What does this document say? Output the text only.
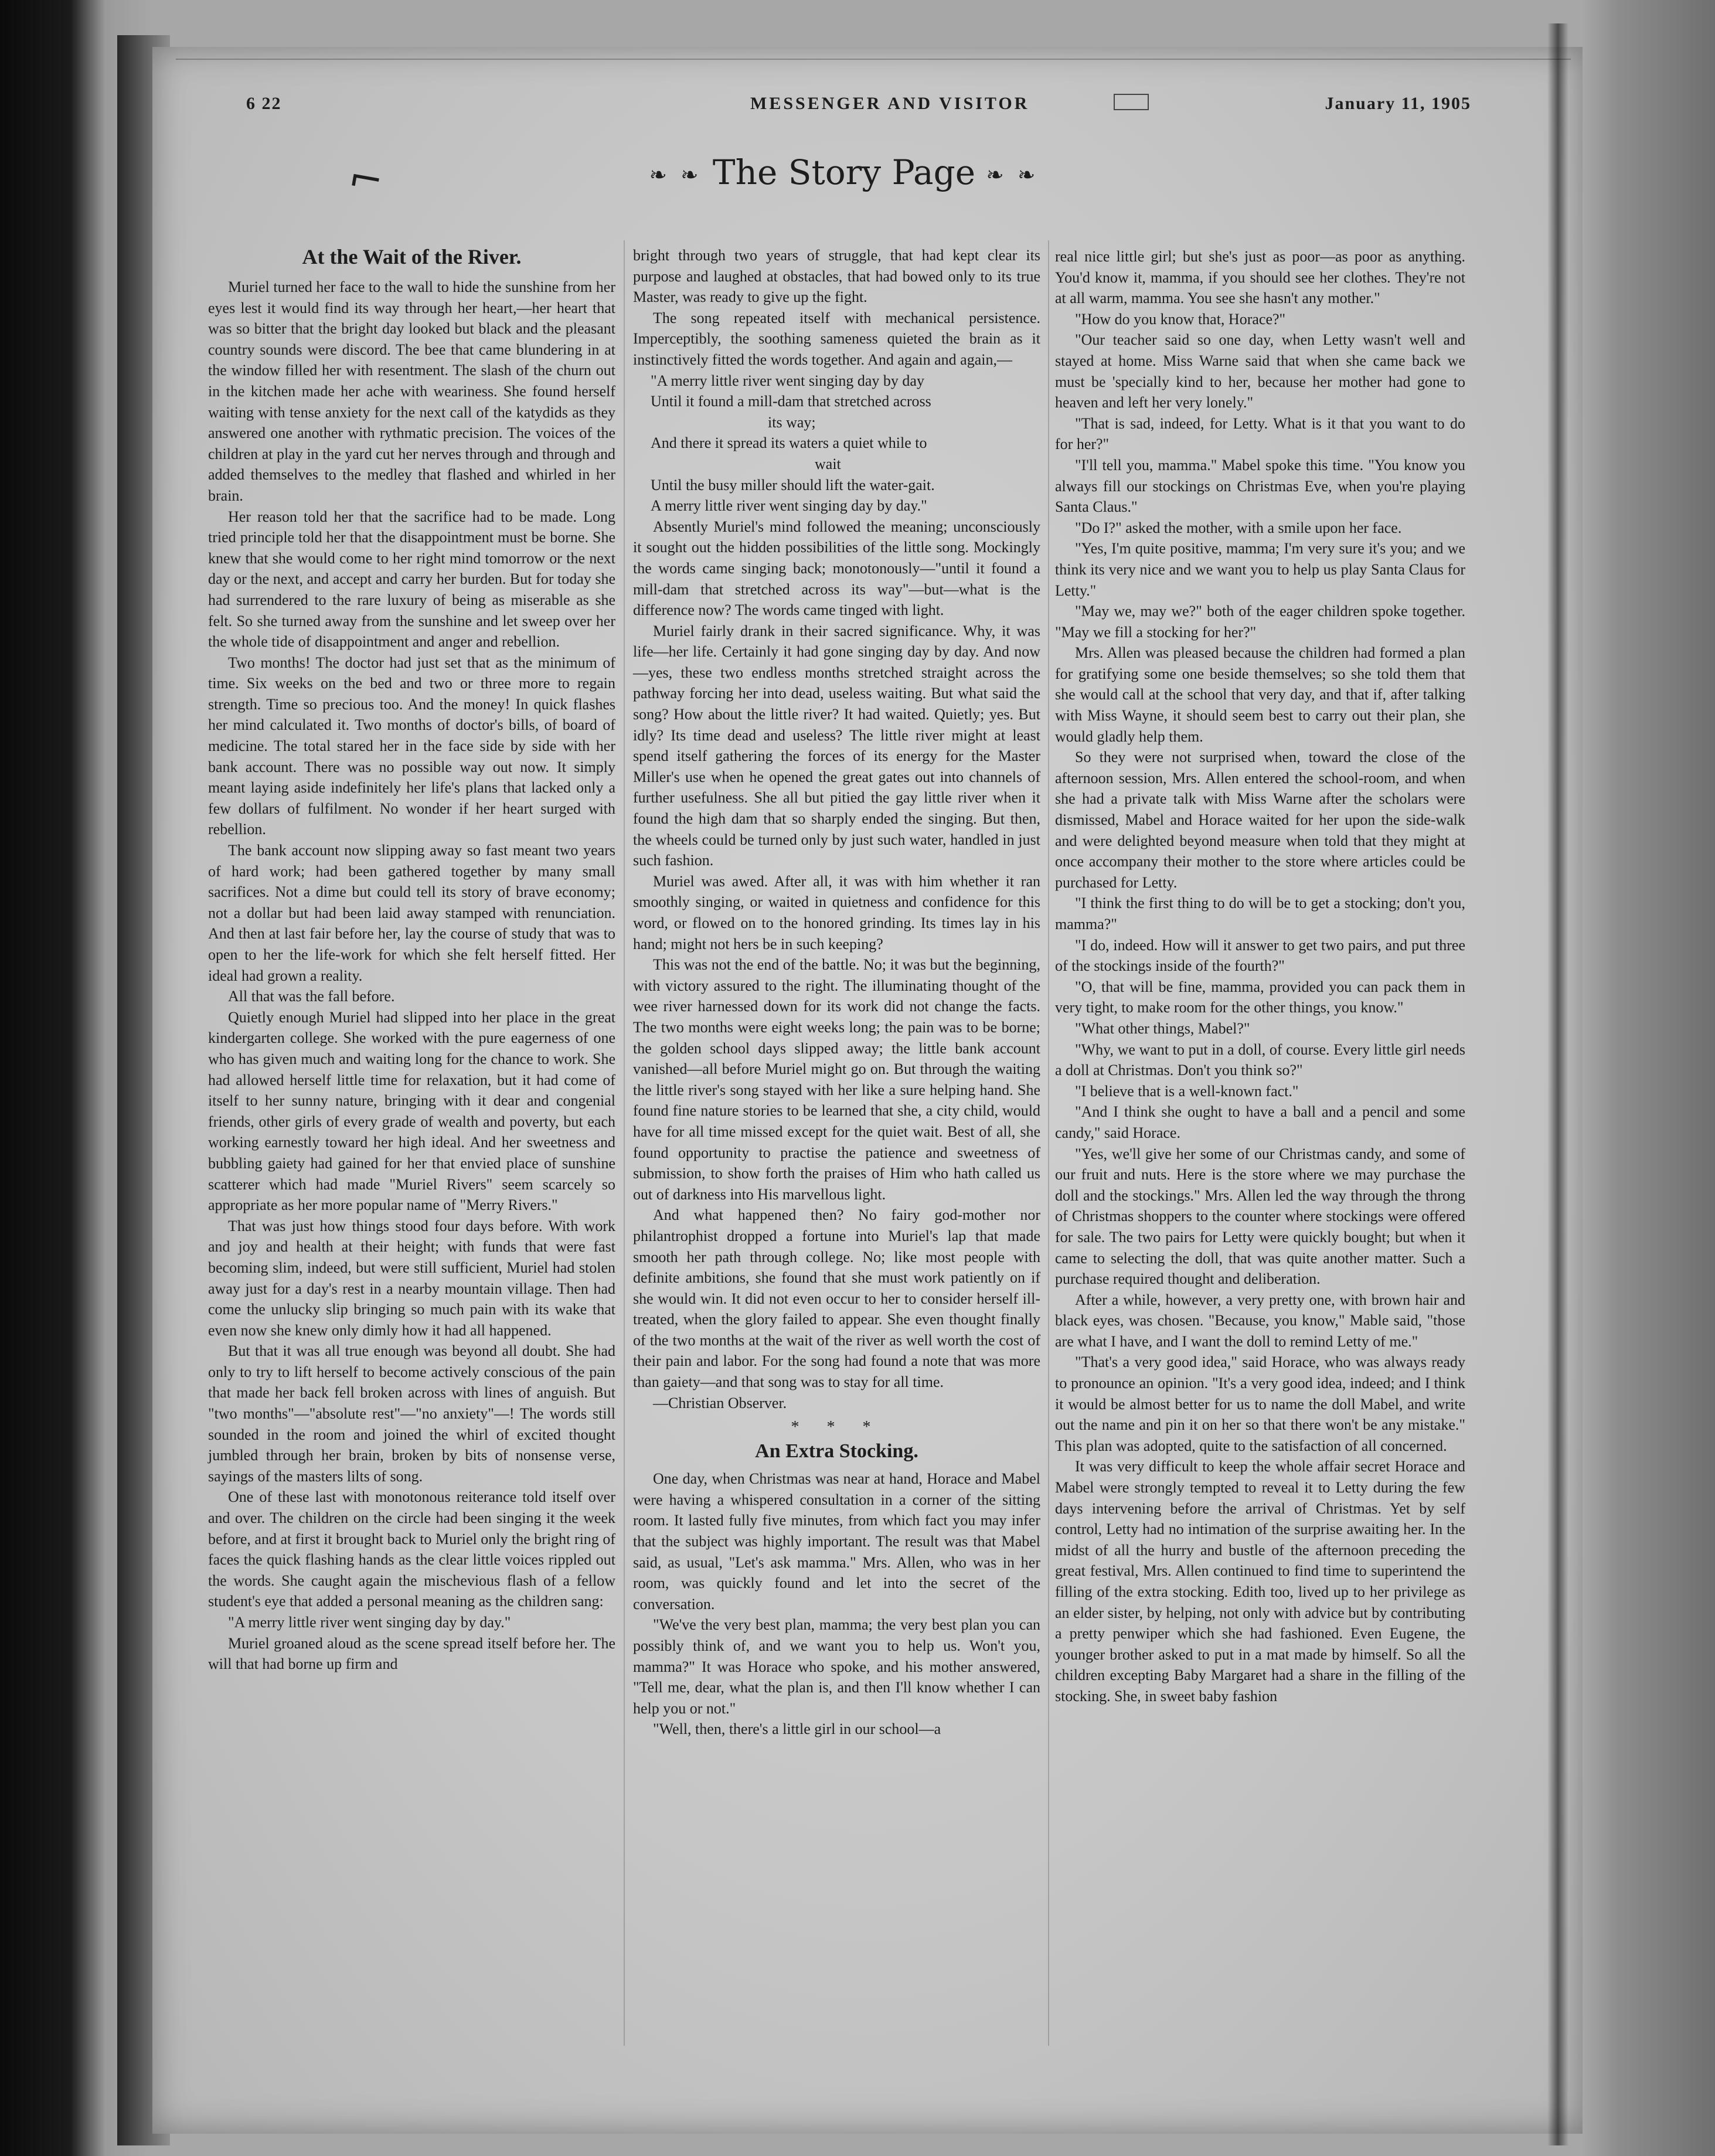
6 22	MESSENGER AND VISITOR	January 11, 1905
⌐	❧ ❧ The Story Page ❧ ❧
At the Wait of the River.

Muriel turned her face to the wall to hide the sunshine from her eyes lest it would find its way through her heart,—her heart that was so bitter that the bright day looked but black and the pleasant country sounds were discord. The bee that came blundering in at the window filled her with resentment. The slash of the churn out in the kitchen made her ache with weariness. She found herself waiting with tense anxiety for the next call of the katydids as they answered one another with rythmatic precision. The voices of the children at play in the yard cut her nerves through and through and added themselves to the medley that flashed and whirled in her brain.

Her reason told her that the sacrifice had to be made. Long tried principle told her that the disappointment must be borne. She knew that she would come to her right mind tomorrow or the next day or the next, and accept and carry her burden. But for today she had surrendered to the rare luxury of being as miserable as she felt. So she turned away from the sunshine and let sweep over her the whole tide of disappointment and anger and rebellion.

Two months! The doctor had just set that as the minimum of time. Six weeks on the bed and two or three more to regain strength. Time so precious too. And the money! In quick flashes her mind calculated it. Two months of doctor's bills, of board of medicine. The total stared her in the face side by side with her bank account. There was no possible way out now. It simply meant laying aside indefinitely her life's plans that lacked only a few dollars of fulfilment. No wonder if her heart surged with rebellion.

The bank account now slipping away so fast meant two years of hard work; had been gathered together by many small sacrifices. Not a dime but could tell its story of brave economy; not a dollar but had been laid away stamped with renunciation. And then at last fair before her, lay the course of study that was to open to her the life-work for which she felt herself fitted. Her ideal had grown a reality.

All that was the fall before.

Quietly enough Muriel had slipped into her place in the great kindergarten college. She worked with the pure eagerness of one who has given much and waiting long for the chance to work. She had allowed herself little time for relaxation, but it had come of itself to her sunny nature, bringing with it dear and congenial friends, other girls of every grade of wealth and poverty, but each working earnestly toward her high ideal. And her sweetness and bubbling gaiety had gained for her that envied place of sunshine scatterer which had made "Muriel Rivers" seem scarcely so appropriate as her more popular name of "Merry Rivers."

That was just how things stood four days before. With work and joy and health at their height; with funds that were fast becoming slim, indeed, but were still sufficient, Muriel had stolen away just for a day's rest in a nearby mountain village. Then had come the unlucky slip bringing so much pain with its wake that even now she knew only dimly how it had all happened.

But that it was all true enough was beyond all doubt. She had only to try to lift herself to become actively conscious of the pain that made her back fell broken across with lines of anguish. But "two months"—"absolute rest"—"no anxiety"—! The words still sounded in the room and joined the whirl of excited thought jumbled through her brain, broken by bits of nonsense verse, sayings of the masters lilts of song.

One of these last with monotonous reiterance told itself over and over. The children on the circle had been singing it the week before, and at first it brought back to Muriel only the bright ring of faces the quick flashing hands as the clear little voices rippled out the words. She caught again the mischevious flash of a fellow student's eye that added a personal meaning as the children sang:

"A merry little river went singing day by day."

Muriel groaned aloud as the scene spread itself before her. The will that had borne up firm and

bright through two years of struggle, that had kept clear its purpose and laughed at obstacles, that had bowed only to its true Master, was ready to give up the fight.

The song repeated itself with mechanical persistence. Imperceptibly, the soothing sameness quieted the brain as it instinctively fitted the words together. And again and again,—

"A merry little river went singing day by day
Until it found a mill-dam that stretched across
its way;
And there it spread its waters a quiet while to
wait
Until the busy miller should lift the water-gait.
A merry little river went singing day by day."

Absently Muriel's mind followed the meaning; unconsciously it sought out the hidden possibilities of the little song. Mockingly the words came singing back; monotonously—"until it found a mill-dam that stretched across its way"—but—what is the difference now? The words came tinged with light.

Muriel fairly drank in their sacred significance. Why, it was life—her life. Certainly it had gone singing day by day. And now—yes, these two endless months stretched straight across the pathway forcing her into dead, useless waiting. But what said the song? How about the little river? It had waited. Quietly; yes. But idly? Its time dead and useless? The little river might at least spend itself gathering the forces of its energy for the Master Miller's use when he opened the great gates out into channels of further usefulness. She all but pitied the gay little river when it found the high dam that so sharply ended the singing. But then, the wheels could be turned only by just such water, handled in just such fashion.

Muriel was awed. After all, it was with him whether it ran smoothly singing, or waited in quietness and confidence for this word, or flowed on to the honored grinding. Its times lay in his hand; might not hers be in such keeping?

This was not the end of the battle. No; it was but the beginning, with victory assured to the right. The illuminating thought of the wee river harnessed down for its work did not change the facts. The two months were eight weeks long; the pain was to be borne; the golden school days slipped away; the little bank account vanished—all before Muriel might go on. But through the waiting the little river's song stayed with her like a sure helping hand. She found fine nature stories to be learned that she, a city child, would have for all time missed except for the quiet wait. Best of all, she found opportunity to practise the patience and sweetness of submission, to show forth the praises of Him who hath called us out of darkness into His marvellous light.

And what happened then? No fairy god-mother nor philantrophist dropped a fortune into Muriel's lap that made smooth her path through college. No; like most people with definite ambitions, she found that she must work patiently on if she would win. It did not even occur to her to consider herself ill-treated, when the glory failed to appear. She even thought finally of the two months at the wait of the river as well worth the cost of their pain and labor. For the song had found a note that was more than gaiety—and that song was to stay for all time.

—Christian Observer.

* * *
An Extra Stocking.

One day, when Christmas was near at hand, Horace and Mabel were having a whispered consultation in a corner of the sitting room. It lasted fully five minutes, from which fact you may infer that the subject was highly important. The result was that Mabel said, as usual, "Let's ask mamma." Mrs. Allen, who was in her room, was quickly found and let into the secret of the conversation.

"We've the very best plan, mamma; the very best plan you can possibly think of, and we want you to help us. Won't you, mamma?" It was Horace who spoke, and his mother answered, "Tell me, dear, what the plan is, and then I'll know whether I can help you or not."

"Well, then, there's a little girl in our school—a

real nice little girl; but she's just as poor—as poor as anything. You'd know it, mamma, if you should see her clothes. They're not at all warm, mamma. You see she hasn't any mother."

"How do you know that, Horace?"

"Our teacher said so one day, when Letty wasn't well and stayed at home. Miss Warne said that when she came back we must be 'specially kind to her, because her mother had gone to heaven and left her very lonely."

"That is sad, indeed, for Letty. What is it that you want to do for her?"

"I'll tell you, mamma." Mabel spoke this time. "You know you always fill our stockings on Christmas Eve, when you're playing Santa Claus."

"Do I?" asked the mother, with a smile upon her face.

"Yes, I'm quite positive, mamma; I'm very sure it's you; and we think its very nice and we want you to help us play Santa Claus for Letty."

"May we, may we?" both of the eager children spoke together. "May we fill a stocking for her?"

Mrs. Allen was pleased because the children had formed a plan for gratifying some one beside themselves; so she told them that she would call at the school that very day, and that if, after talking with Miss Wayne, it should seem best to carry out their plan, she would gladly help them.

So they were not surprised when, toward the close of the afternoon session, Mrs. Allen entered the school-room, and when she had a private talk with Miss Warne after the scholars were dismissed, Mabel and Horace waited for her upon the side-walk and were delighted beyond measure when told that they might at once accompany their mother to the store where articles could be purchased for Letty.

"I think the first thing to do will be to get a stocking; don't you, mamma?"

"I do, indeed. How will it answer to get two pairs, and put three of the stockings inside of the fourth?"

"O, that will be fine, mamma, provided you can pack them in very tight, to make room for the other things, you know."

"What other things, Mabel?"

"Why, we want to put in a doll, of course. Every little girl needs a doll at Christmas. Don't you think so?"

"I believe that is a well-known fact."

"And I think she ought to have a ball and a pencil and some candy," said Horace.

"Yes, we'll give her some of our Christmas candy, and some of our fruit and nuts. Here is the store where we may purchase the doll and the stockings." Mrs. Allen led the way through the throng of Christmas shoppers to the counter where stockings were offered for sale. The two pairs for Letty were quickly bought; but when it came to selecting the doll, that was quite another matter. Such a purchase required thought and deliberation.

After a while, however, a very pretty one, with brown hair and black eyes, was chosen. "Because, you know," Mable said, "those are what I have, and I want the doll to remind Letty of me."

"That's a very good idea," said Horace, who was always ready to pronounce an opinion. "It's a very good idea, indeed; and I think it would be almost better for us to name the doll Mabel, and write out the name and pin it on her so that there won't be any mistake." This plan was adopted, quite to the satisfaction of all concerned.

It was very difficult to keep the whole affair secret Horace and Mabel were strongly tempted to reveal it to Letty during the few days intervening before the arrival of Christmas. Yet by self control, Letty had no intimation of the surprise awaiting her. In the midst of all the hurry and bustle of the afternoon preceding the great festival, Mrs. Allen continued to find time to superintend the filling of the extra stocking. Edith too, lived up to her privilege as an elder sister, by helping, not only with advice but by contributing a pretty penwiper which she had fashioned. Even Eugene, the younger brother asked to put in a mat made by himself. So all the children excepting Baby Margaret had a share in the filling of the stocking. She, in sweet baby fashion
